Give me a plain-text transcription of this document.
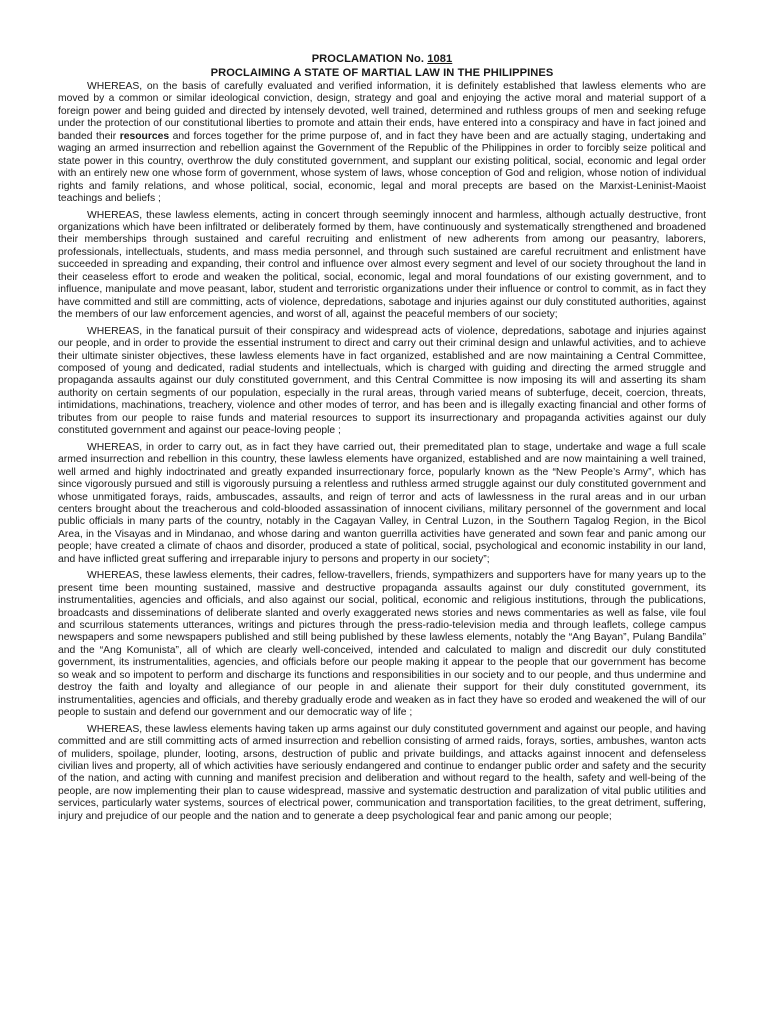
PROCLAMATION No. 1081
PROCLAIMING A STATE OF MARTIAL LAW IN THE PHILIPPINES

WHEREAS, on the basis of carefully evaluated and verified information, it is definitely established that lawless elements who are moved by a common or similar ideological conviction, design, strategy and goal and enjoying the active moral and material support of a foreign power and being guided and directed by intensely devoted, well trained, determined and ruthless groups of men and seeking refuge under the protection of our constitutional liberties to promote and attain their ends, have entered into a conspiracy and have in fact joined and banded their resources and forces together for the prime purpose of, and in fact they have been and are actually staging, undertaking and waging an armed insurrection and rebellion against the Government of the Republic of the Philippines in order to forcibly seize political and state power in this country, overthrow the duly constituted government, and supplant our existing political, social, economic and legal order with an entirely new one whose form of government, whose system of laws, whose conception of God and religion, whose notion of individual rights and family relations, and whose political, social, economic, legal and moral precepts are based on the Marxist-Leninist-Maoist teachings and beliefs ;

WHEREAS, these lawless elements, acting in concert through seemingly innocent and harmless, although actually destructive, front organizations which have been infiltrated or deliberately formed by them, have continuously and systematically strengthened and broadened their memberships through sustained and careful recruiting and enlistment of new adherents from among our peasantry, laborers, professionals, intellectuals, students, and mass media personnel, and through such sustained are careful recruitment and enlistment have succeeded in spreading and expanding, their control and influence over almost every segment and level of our society throughout the land in their ceaseless effort to erode and weaken the political, social, economic, legal and moral foundations of our existing government, and to influence, manipulate and move peasant, labor, student and terroristic organizations under their influence or control to commit, as in fact they have committed and still are committing, acts of violence, depredations, sabotage and injuries against our duly constituted authorities, against the members of our law enforcement agencies, and worst of all, against the peaceful members of our society;

WHEREAS, in the fanatical pursuit of their conspiracy and widespread acts of violence, depredations, sabotage and injuries against our people, and in order to provide the essential instrument to direct and carry out their criminal design and unlawful activities, and to achieve their ultimate sinister objectives, these lawless elements have in fact organized, established and are now maintaining a Central Committee, composed of young and dedicated, radial students and intellectuals, which is charged with guiding and directing the armed struggle and propaganda assaults against our duly constituted government, and this Central Committee is now imposing its will and asserting its sham authority on certain segments of our population, especially in the rural areas, through varied means of subterfuge, deceit, coercion, threats, intimidations, machinations, treachery, violence and other modes of terror, and has been and is illegally exacting financial and other forms of tributes from our people to raise funds and material resources to support its insurrectionary and propaganda activities against our duly constituted government and against our peace-loving people ;

WHEREAS, in order to carry out, as in fact they have carried out, their premeditated plan to stage, undertake and wage a full scale armed insurrection and rebellion in this country, these lawless elements have organized, established and are now maintaining a well trained, well armed and highly indoctrinated and greatly expanded insurrectionary force, popularly known as the “New People’s Army”, which has since vigorously pursued and still is vigorously pursuing a relentless and ruthless armed struggle against our duly constituted government and whose unmitigated forays, raids, ambuscades, assaults, and reign of terror and acts of lawlessness in the rural areas and in our urban centers brought about the treacherous and cold-blooded assassination of innocent civilians, military personnel of the government and local public officials in many parts of the country, notably in the Cagayan Valley, in Central Luzon, in the Southern Tagalog Region, in the Bicol Area, in the Visayas and in Mindanao, and whose daring and wanton guerrilla activities have generated and sown fear and panic among our people; have created a climate of chaos and disorder, produced a state of political, social, psychological and economic instability in our land, and have inflicted great suffering and irreparable injury to persons and property in our society”;

WHEREAS, these lawless elements, their cadres, fellow-travellers, friends, sympathizers and supporters have for many years up to the present time been mounting sustained, massive and destructive propaganda assaults against our duly constituted government, its instrumentalities, agencies and officials, and also against our social, political, economic and religious institutions, through the publications, broadcasts and disseminations of deliberate slanted and overly exaggerated news stories and news commentaries as well as false, vile foul and scurrilous statements utterances, writings and pictures through the press-radio-television media and through leaflets, college campus newspapers and some newspapers published and still being published by these lawless elements, notably the “Ang Bayan”, Pulang Bandila” and the “Ang Komunista”, all of which are clearly well-conceived, intended and calculated to malign and discredit our duly constituted government, its instrumentalities, agencies, and officials before our people making it appear to the people that our government has become so weak and so impotent to perform and discharge its functions and responsibilities in our society and to our people, and thus undermine and destroy the faith and loyalty and allegiance of our people in and alienate their support for their duly constituted government, its instrumentalities, agencies and officials, and thereby gradually erode and weaken as in fact they have so eroded and weakened the will of our people to sustain and defend our government and our democratic way of life ;

WHEREAS, these lawless elements having taken up arms against our duly constituted government and against our people, and having committed and are still committing acts of armed insurrection and rebellion consisting of armed raids, forays, sorties, ambushes, wanton acts of muliders, spoilage, plunder, looting, arsons, destruction of public and private buildings, and attacks against innocent and defenseless civilian lives and property, all of which activities have seriously endangered and continue to endanger public order and safety and the security of the nation, and acting with cunning and manifest precision and deliberation and without regard to the health, safety and well-being of the people, are now implementing their plan to cause widespread, massive and systematic destruction and paralization of vital public utilities and services, particularly water systems, sources of electrical power, communication and transportation facilities, to the great detriment, suffering, injury and prejudice of our people and the nation and to generate a deep psychological fear and panic among our people;
